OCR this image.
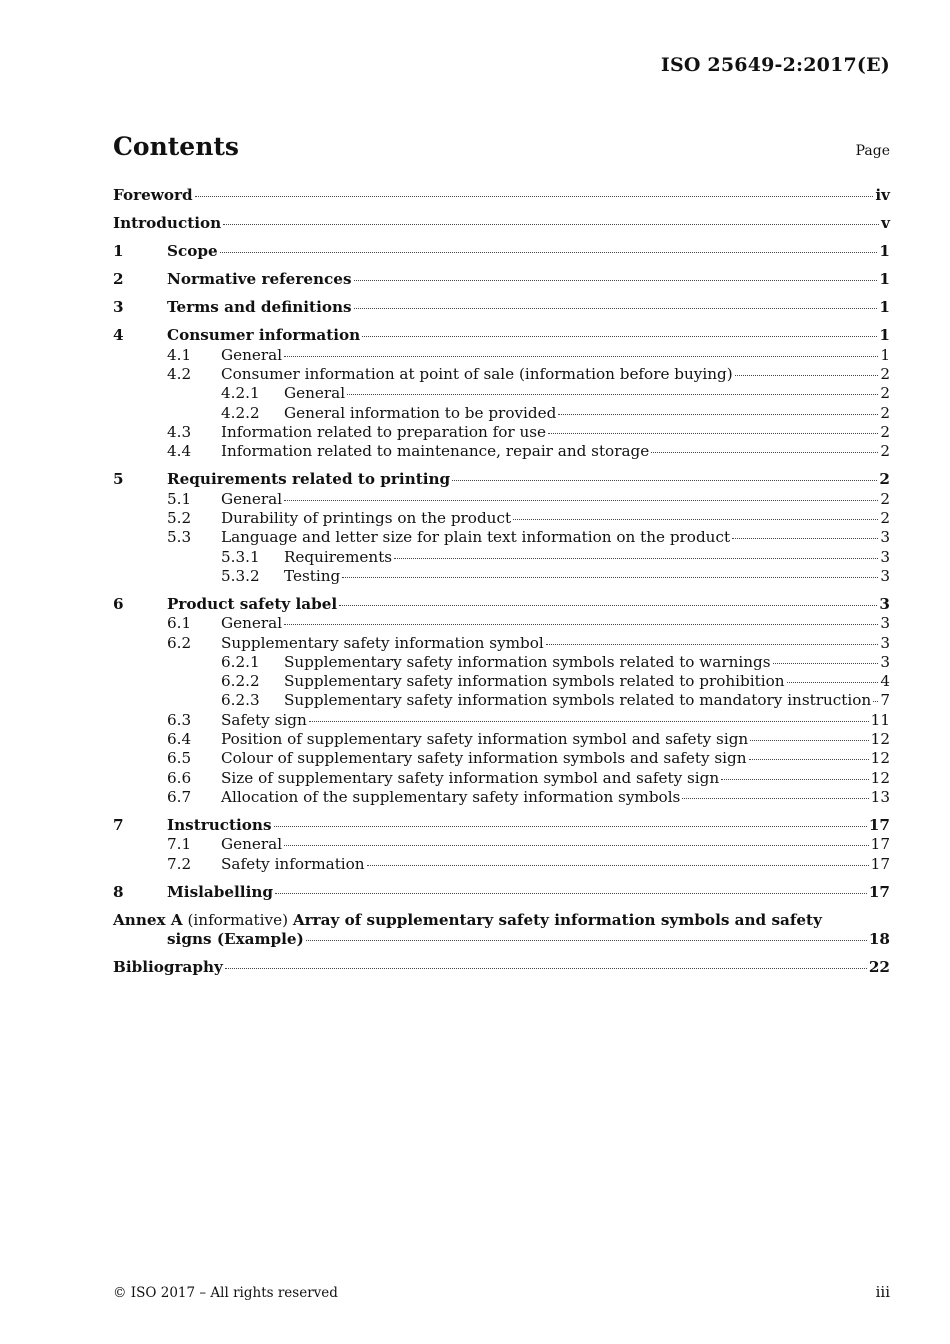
ISO 25649-2:2017(E)
Contents	Page
Foreword	iv
Introduction	v
1	Scope	1
2	Normative references	1
3	Terms and definitions	1
4	Consumer information	1
4.1	General	1
4.2	Consumer information at point of sale (information before buying)	2
4.2.1	General	2
4.2.2	General information to be provided	2
4.3	Information related to preparation for use	2
4.4	Information related to maintenance, repair and storage	2
5	Requirements related to printing	2
5.1	General	2
5.2	Durability of printings on the product	2
5.3	Language and letter size for plain text information on the product	3
5.3.1	Requirements	3
5.3.2	Testing	3
6	Product safety label	3
6.1	General	3
6.2	Supplementary safety information symbol	3
6.2.1	Supplementary safety information symbols related to warnings	3
6.2.2	Supplementary safety information symbols related to prohibition	4
6.2.3	Supplementary safety information symbols related to mandatory instruction 7
6.3	Safety sign	11
6.4	Position of supplementary safety information symbol and safety sign	12
6.5	Colour of supplementary safety information symbols and safety sign	12
6.6	Size of supplementary safety information symbol and safety sign	12
6.7	Allocation of the supplementary safety information symbols	13
7	Instructions	17
7.1	General	17
7.2	Safety information	17
8	Mislabelling	17
Annex A (informative) Array of supplementary safety information symbols and safety
signs (Example)	18
Bibliography	22
© ISO 2017 – All rights reserved	iii
